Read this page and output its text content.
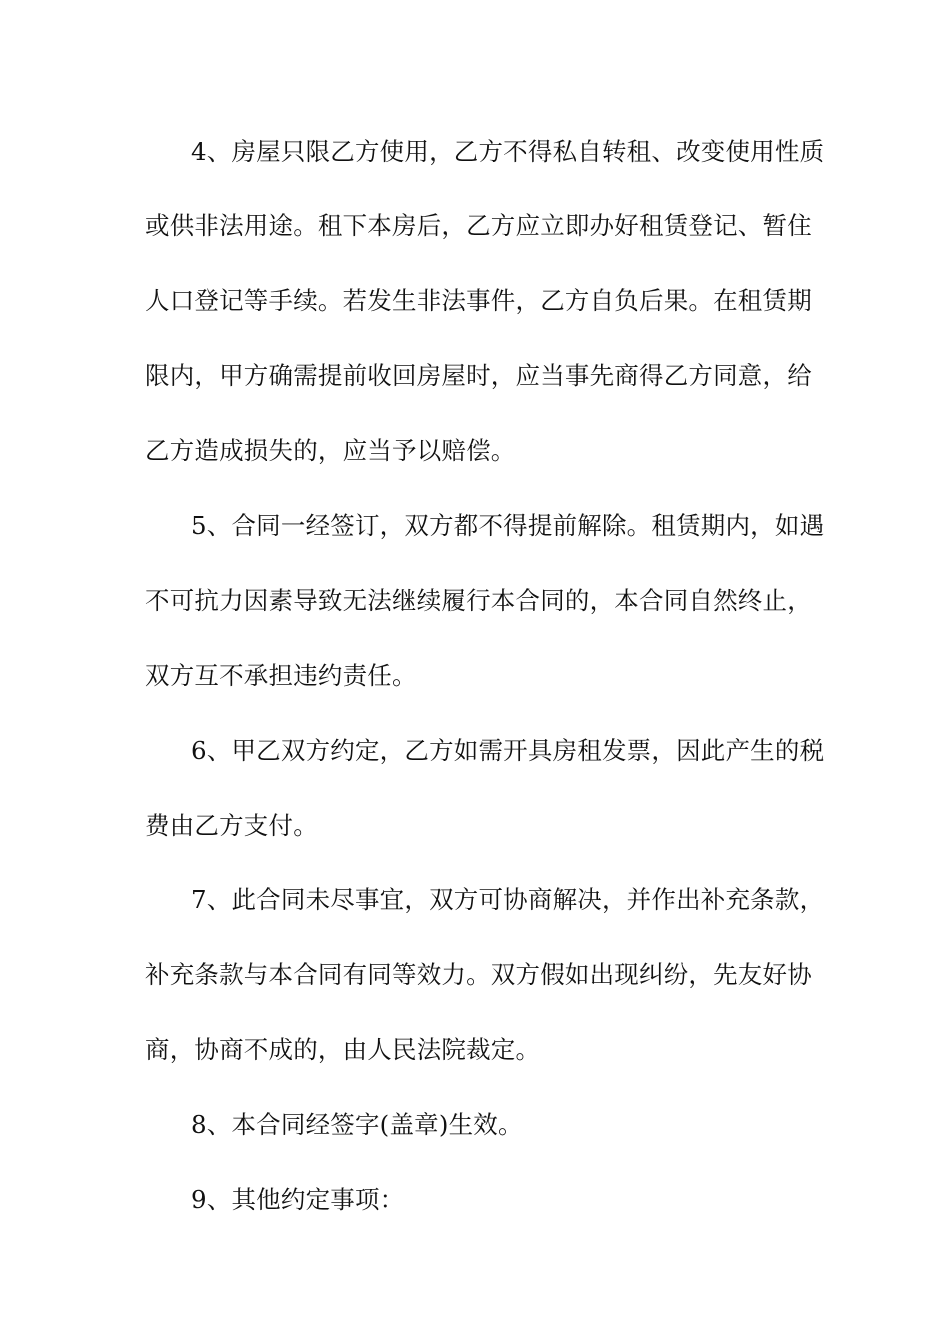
4、房屋只限乙方使用，乙方不得私自转租、改变使用性质
或供非法用途。租下本房后，乙方应立即办好租赁登记、暂住
人口登记等手续。若发生非法事件，乙方自负后果。在租赁期
限内，甲方确需提前收回房屋时，应当事先商得乙方同意，给
乙方造成损失的，应当予以赔偿。
5、合同一经签订，双方都不得提前解除。租赁期内，如遇
不可抗力因素导致无法继续履行本合同的，本合同自然终止，
双方互不承担违约责任。
6、甲乙双方约定，乙方如需开具房租发票，因此产生的税
费由乙方支付。
7、此合同未尽事宜，双方可协商解决，并作出补充条款，
补充条款与本合同有同等效力。双方假如出现纠纷，先友好协
商，协商不成的，由人民法院裁定。
8、本合同经签字(盖章)生效。
9、其他约定事项：
